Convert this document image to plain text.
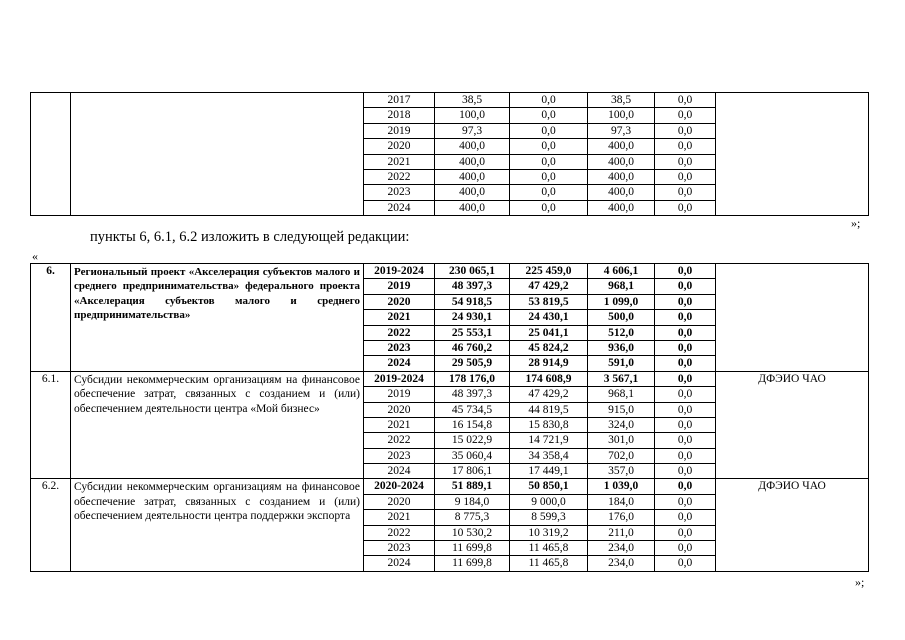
		2017	38,5	0,0	38,5	0,0	
		2018	100,0	0,0	100,0	0,0	
		2019	97,3	0,0	97,3	0,0	
		2020	400,0	0,0	400,0	0,0	
		2021	400,0	0,0	400,0	0,0	
		2022	400,0	0,0	400,0	0,0	
		2023	400,0	0,0	400,0	0,0	
		2024	400,0	0,0	400,0	0,0	
»;
пункты 6, 6.1, 6.2 изложить в следующей редакции:
«
6.	Региональный проект «Акселерация субъектов малого и среднего предпринимательства» федерального проекта «Акселерация субъектов малого и среднего предпринимательства»	2019-2024	230 065,1	225 459,0	4 606,1	0,0	
		2019	48 397,3	47 429,2	968,1	0,0	
		2020	54 918,5	53 819,5	1 099,0	0,0	
		2021	24 930,1	24 430,1	500,0	0,0	
		2022	25 553,1	25 041,1	512,0	0,0	
		2023	46 760,2	45 824,2	936,0	0,0	
		2024	29 505,9	28 914,9	591,0	0,0	
6.1.	Субсидии некоммерческим организациям на финансовое обеспечение затрат, связанных с созданием и (или) обеспечением деятельности центра «Мой бизнес»	2019-2024	178 176,0	174 608,9	3 567,1	0,0	ДФЭИО ЧАО
		2019	48 397,3	47 429,2	968,1	0,0	
		2020	45 734,5	44 819,5	915,0	0,0	
		2021	16 154,8	15 830,8	324,0	0,0	
		2022	15 022,9	14 721,9	301,0	0,0	
		2023	35 060,4	34 358,4	702,0	0,0	
		2024	17 806,1	17 449,1	357,0	0,0	
6.2.	Субсидии некоммерческим организациям на финансовое обеспечение затрат, связанных с созданием и (или) обеспечением деятельности центра поддержки экспорта	2020-2024	51 889,1	50 850,1	1 039,0	0,0	ДФЭИО ЧАО
		2020	9 184,0	9 000,0	184,0	0,0	
		2021	8 775,3	8 599,3	176,0	0,0	
		2022	10 530,2	10 319,2	211,0	0,0	
		2023	11 699,8	11 465,8	234,0	0,0	
		2024	11 699,8	11 465,8	234,0	0,0	
»;
